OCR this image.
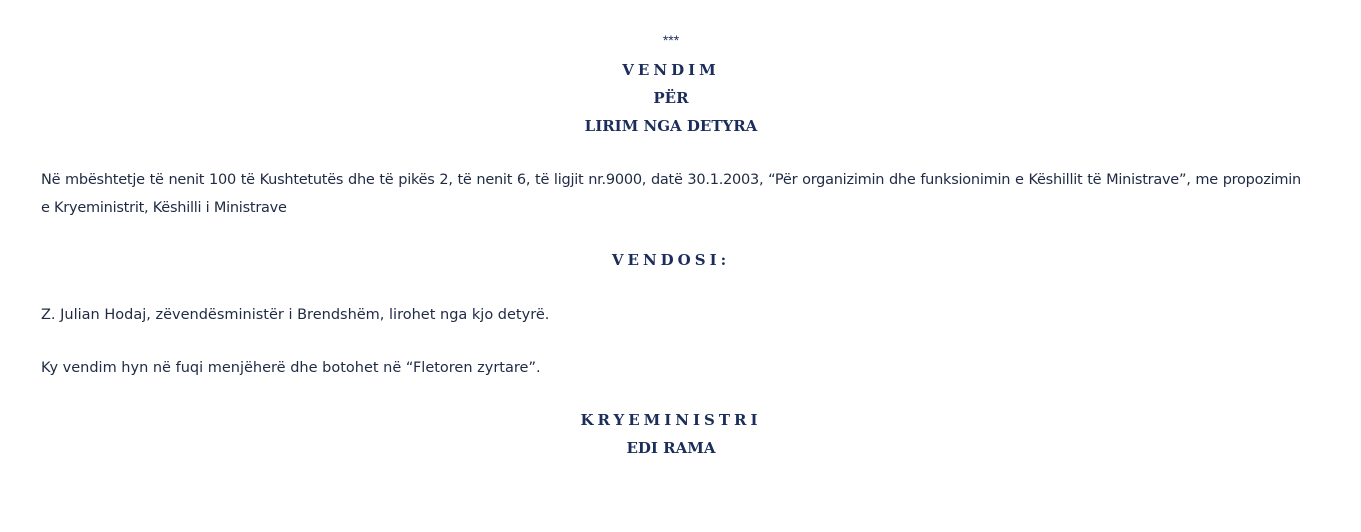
***
VENDIM
PËR
LIRIM NGA DETYRA

Në mbështetje të nenit 100 të Kushtetutës dhe të pikës 2, të nenit 6, të ligjit nr.9000, datë 30.1.2003, “Për organizimin dhe funksionimin e Këshillit të Ministrave”, me propozimin e Kryeministrit, Këshilli i Ministrave

VENDOSI:

Z. Julian Hodaj, zëvendësministër i Brendshëm, lirohet nga kjo detyrë.

Ky vendim hyn në fuqi menjëherë dhe botohet në “Fletoren zyrtare”.

KRYEMINISTRI
EDI RAMA
